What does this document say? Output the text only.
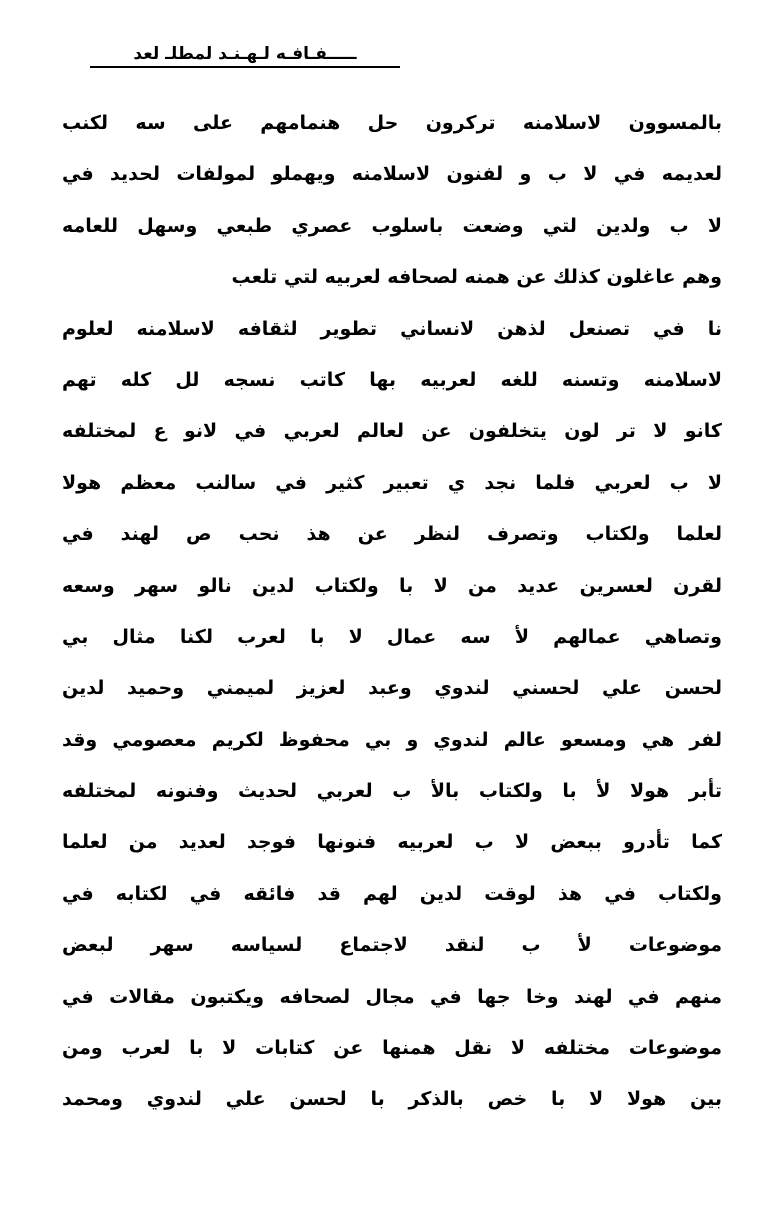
ـــــفـافـه لـهـنـد لمطلـ لعد
بالمسوون لاسلامنه تركرون حل هنمامهم على سه لكنب
لعديمه في لا ب و لفنون لاسلامنه ويهملو لمولفات لحديد في
لا ب ولدين لتي وضعت باسلوب عصري طبعي وسهل للعامه
وهم عاغلون كذلك عن همنه لصحافه لعربيه لتي تلعب
نا في تصنعل لذهن لانساني تطوير لثقافه لاسلامنه لعلوم
لاسلامنه وتسنه للغه لعربيه بها كاتب نسجه لل كله تهم
كانو لا تر لون يتخلفون عن لعالم لعربي في لانو ع لمختلفه
لا ب لعربي فلما نجد ي تعبير كثير في سالنب معظم هولا
لعلما ولكتاب وتصرف لنظر عن هذ نحب ص لهند في
لقرن لعسرين عديد من لا با ولكتاب لدين نالو سهر وسعه
وتصاهي عمالهم لأ سه عمال لا با لعرب لكنا مثال بي
لحسن علي لحسني لندوي وعبد لعزيز لميمني وحميد لدين
لفر هي ومسعو عالم لندوي و بي محفوظ لكريم معصومي وقد
تأبر هولا لأ با ولكتاب بالأ ب لعربي لحديث وفنونه لمختلفه
كما تأدرو ببعض لا ب لعربيه فنونها فوجد لعديد من لعلما
ولكتاب في هذ لوقت لدين لهم قد فائقه في لكتابه في
موضوعات لأ ب لنقد لاجتماع لسياسه سهر لبعض
منهم في لهند وخا جها في مجال لصحافه ويكتبون مقالات في
موضوعات مختلفه لا نقل همنها عن كتابات لا با لعرب ومن
بين هولا لا با خص بالذكر با لحسن علي لندوي ومحمد
